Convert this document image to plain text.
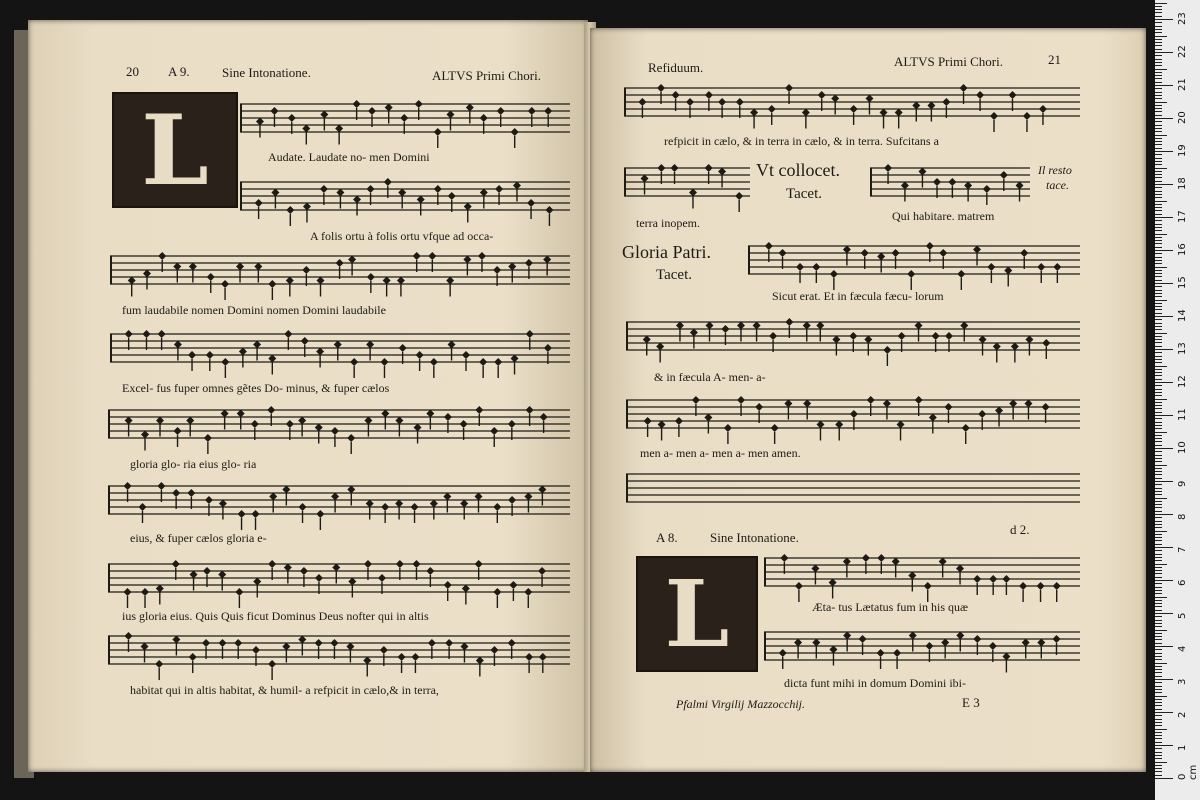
20 A 9. Sine Intonatione.	ALTVS Primi Chori.
L	Audate. Laudate no- men Domini
A folis ortu à folis ortu vfque ad occa-
fum laudabile nomen Domini nomen Domini laudabile
Excel- fus fuper omnes gẽtes Do- minus, & fuper cælos
gloria glo- ria eius glo- ria
eius, & fuper cælos gloria e-
ius gloria eius. Quis Quis ficut Dominus Deus nofter qui in altis
habitat qui in altis habitat, & humil- a refpicit in cælo,& in terra,
Refiduum.	ALTVS Primi Chori.	21
refpicit in cælo, & in terra in cælo, & in terra. Sufcitans a
Vt collocet.
Tacet.
Il resto
tace.
terra inopem.	Qui habitare. matrem
Gloria Patri.
Tacet.
Sicut erat. Et in fæcula fæcu- lorum
& in fæcula A- men- a-
men a- men a- men a- men amen.
A 8. Sine Intonatione.
d 2.
L	Æta- tus Lætatus fum in his quæ
dicta funt mihi in domum Domini ibi-
Pfalmi Virgilij Mazzocchij.	E 3
0 cm
1
2
3
4
5
6
7
8
9
10
11
12
13
14
15
16
17
18
19
20
21
22
23
